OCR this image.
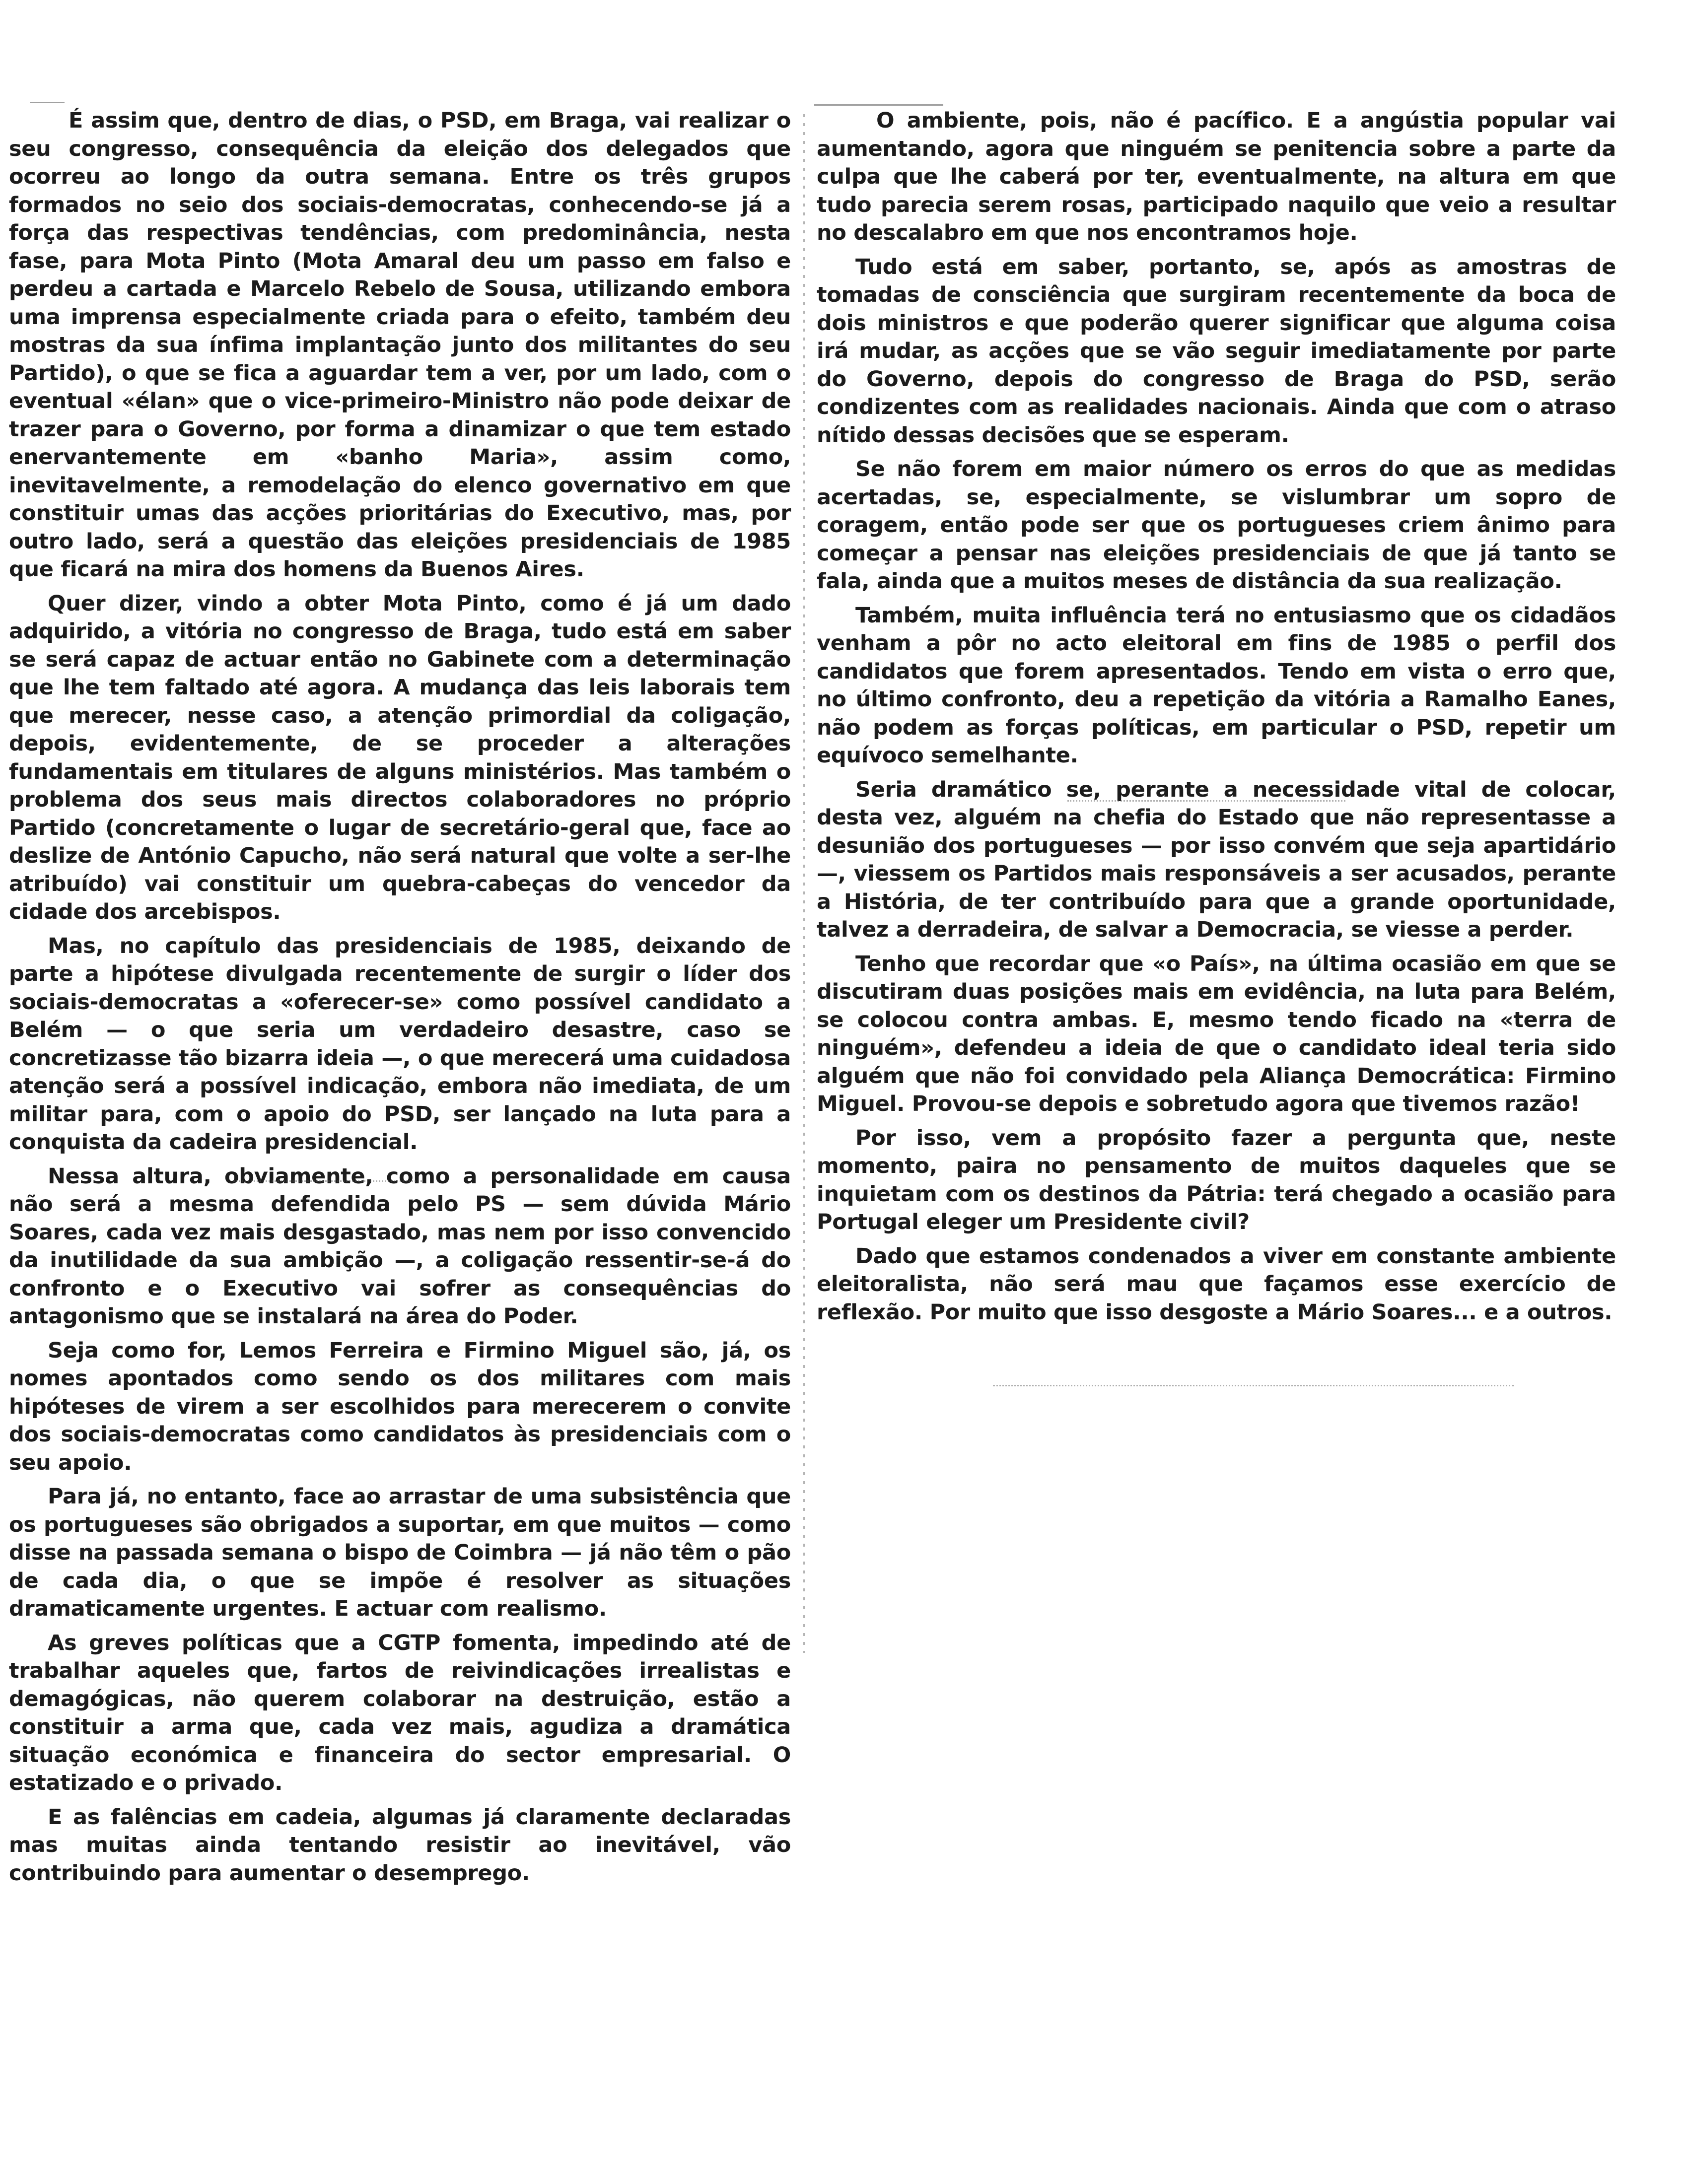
É assim que, dentro de dias, o PSD, em Braga, vai realizar o seu congresso, consequência da eleição dos delegados que ocorreu ao longo da outra semana. Entre os três grupos formados no seio dos sociais-democratas, conhecendo-se já a força das respectivas tendências, com predominância, nesta fase, para Mota Pinto (Mota Amaral deu um passo em falso e perdeu a cartada e Marcelo Rebelo de Sousa, utilizando embora uma imprensa especialmente criada para o efeito, também deu mostras da sua ínfima implantação junto dos militantes do seu Partido), o que se fica a aguardar tem a ver, por um lado, com o eventual «élan» que o vice-primeiro-Ministro não pode deixar de trazer para o Governo, por forma a dinamizar o que tem estado enervantemente em «banho Maria», assim como, inevitavelmente, a remodelação do elenco governativo em que constituir umas das acções prioritárias do Executivo, mas, por outro lado, será a questão das eleições presidenciais de 1985 que ficará na mira dos homens da Buenos Aires.

Quer dizer, vindo a obter Mota Pinto, como é já um dado adquirido, a vitória no congresso de Braga, tudo está em saber se será capaz de actuar então no Gabinete com a determinação que lhe tem faltado até agora. A mudança das leis laborais tem que merecer, nesse caso, a atenção primordial da coligação, depois, evidentemente, de se proceder a alterações fundamentais em titulares de alguns ministérios. Mas também o problema dos seus mais directos colaboradores no próprio Partido (concretamente o lugar de secretário-geral que, face ao deslize de António Capucho, não será natural que volte a ser-lhe atribuído) vai constituir um quebra-cabeças do vencedor da cidade dos arcebispos.

Mas, no capítulo das presidenciais de 1985, deixando de parte a hipótese divulgada recentemente de surgir o líder dos sociais-democratas a «oferecer-se» como possível candidato a Belém — o que seria um verdadeiro desastre, caso se concretizasse tão bizarra ideia —, o que merecerá uma cuidadosa atenção será a possível indicação, embora não imediata, de um militar para, com o apoio do PSD, ser lançado na luta para a conquista da cadeira presidencial.

Nessa altura, obviamente, como a personalidade em causa não será a mesma defendida pelo PS — sem dúvida Mário Soares, cada vez mais desgastado, mas nem por isso convencido da inutilidade da sua ambição —, a coligação ressentir-se-á do confronto e o Executivo vai sofrer as consequências do antagonismo que se instalará na área do Poder.

Seja como for, Lemos Ferreira e Firmino Miguel são, já, os nomes apontados como sendo os dos militares com mais hipóteses de virem a ser escolhidos para merecerem o convite dos sociais-democratas como candidatos às presidenciais com o seu apoio.

Para já, no entanto, face ao arrastar de uma subsistência que os portugueses são obrigados a suportar, em que muitos — como disse na passada semana o bispo de Coimbra — já não têm o pão de cada dia, o que se impõe é resolver as situações dramaticamente urgentes. E actuar com realismo.

As greves políticas que a CGTP fomenta, impedindo até de trabalhar aqueles que, fartos de reivindicações irrealistas e demagógicas, não querem colaborar na destruição, estão a constituir a arma que, cada vez mais, agudiza a dramática situação económica e financeira do sector empresarial. O estatizado e o privado.

E as falências em cadeia, algumas já claramente declaradas mas muitas ainda tentando resistir ao inevitável, vão contribuindo para aumentar o desemprego.

O ambiente, pois, não é pacífico. E a angústia popular vai aumentando, agora que ninguém se penitencia sobre a parte da culpa que lhe caberá por ter, eventualmente, na altura em que tudo parecia serem rosas, participado naquilo que veio a resultar no descalabro em que nos encontramos hoje.

Tudo está em saber, portanto, se, após as amostras de tomadas de consciência que surgiram recentemente da boca de dois ministros e que poderão querer significar que alguma coisa irá mudar, as acções que se vão seguir imediatamente por parte do Governo, depois do congresso de Braga do PSD, serão condizentes com as realidades nacionais. Ainda que com o atraso nítido dessas decisões que se esperam.

Se não forem em maior número os erros do que as medidas acertadas, se, especialmente, se vislumbrar um sopro de coragem, então pode ser que os portugueses criem ânimo para começar a pensar nas eleições presidenciais de que já tanto se fala, ainda que a muitos meses de distância da sua realização.

Também, muita influência terá no entusiasmo que os cidadãos venham a pôr no acto eleitoral em fins de 1985 o perfil dos candidatos que forem apresentados. Tendo em vista o erro que, no último confronto, deu a repetição da vitória a Ramalho Eanes, não podem as forças políticas, em particular o PSD, repetir um equívoco semelhante.

Seria dramático se, perante a necessidade vital de colocar, desta vez, alguém na chefia do Estado que não representasse a desunião dos portugueses — por isso convém que seja apartidário —, viessem os Partidos mais responsáveis a ser acusados, perante a História, de ter contribuído para que a grande oportunidade, talvez a derradeira, de salvar a Democracia, se viesse a perder.

Tenho que recordar que «o País», na última ocasião em que se discutiram duas posições mais em evidência, na luta para Belém, se colocou contra ambas. E, mesmo tendo ficado na «terra de ninguém», defendeu a ideia de que o candidato ideal teria sido alguém que não foi convidado pela Aliança Democrática: Firmino Miguel. Provou-se depois e sobretudo agora que tivemos razão!

Por isso, vem a propósito fazer a pergunta que, neste momento, paira no pensamento de muitos daqueles que se inquietam com os destinos da Pátria: terá chegado a ocasião para Portugal eleger um Presidente civil?

Dado que estamos condenados a viver em constante ambiente eleitoralista, não será mau que façamos esse exercício de reflexão. Por muito que isso desgoste a Mário Soares... e a outros.
